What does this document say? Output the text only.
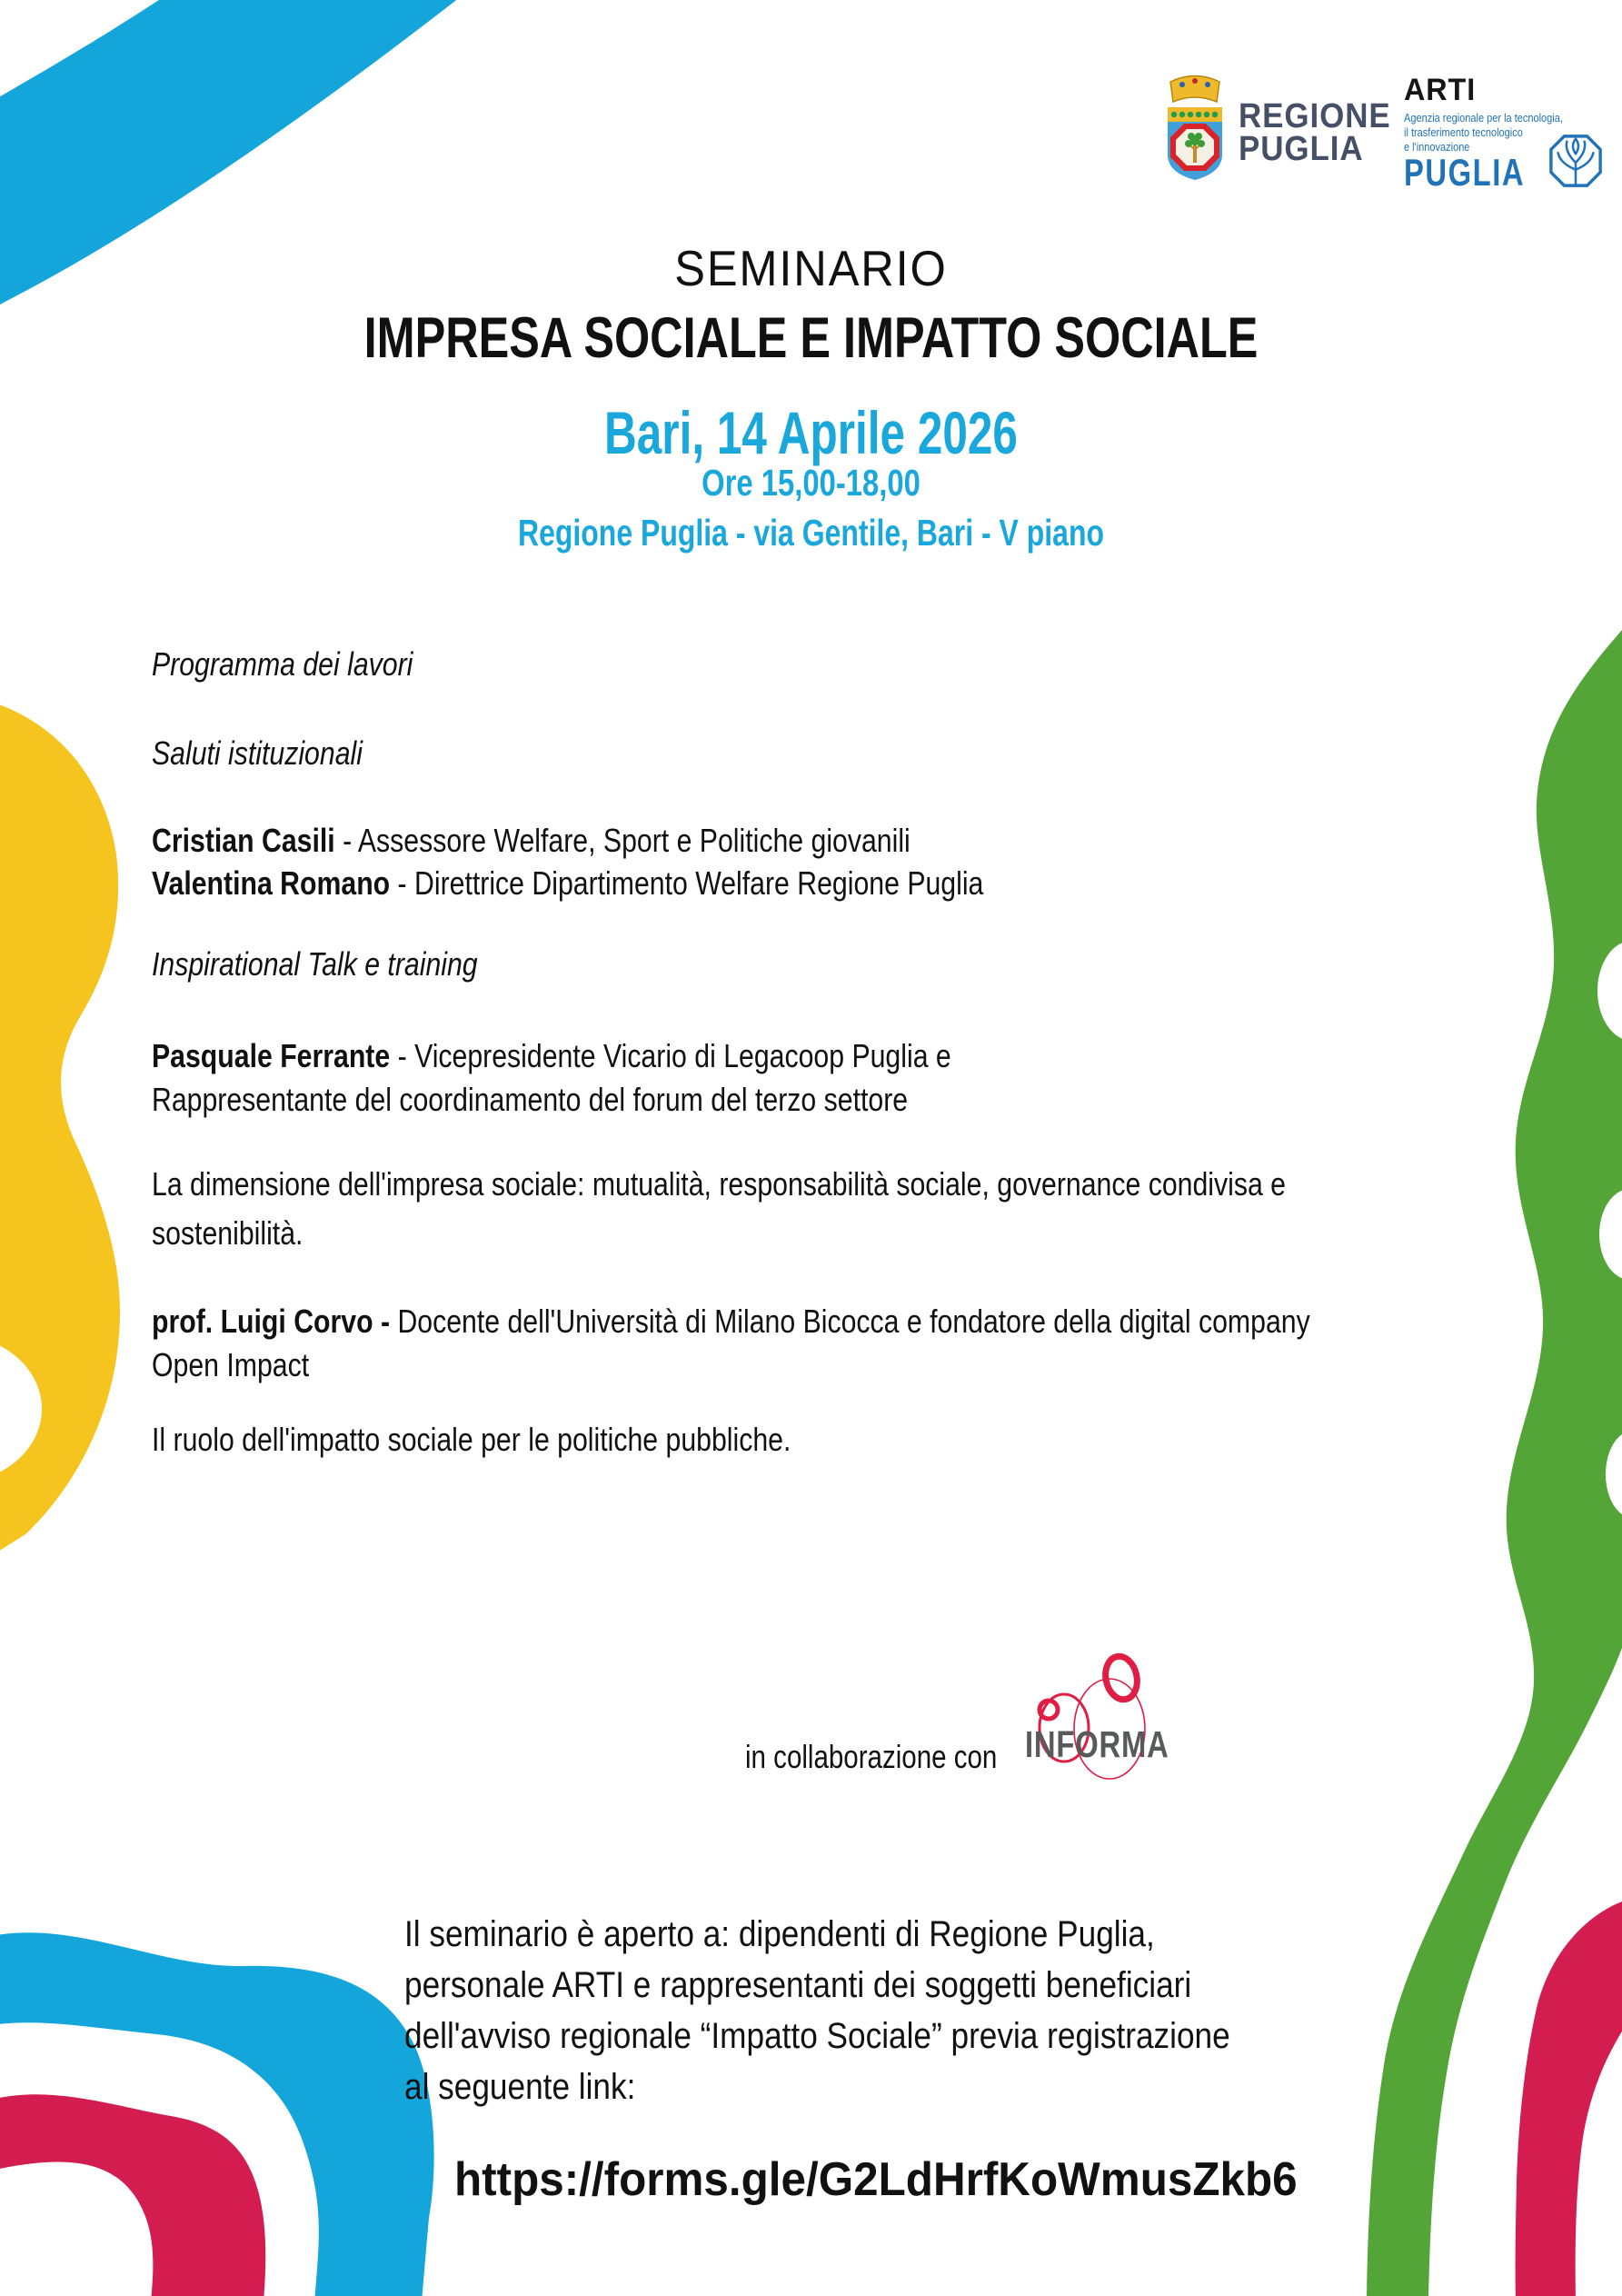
REGIONE
PUGLIA
ARTI
Agenzia regionale per la tecnologia,
il trasferimento tecnologico
e l'innovazione
PUGLIA
SEMINARIO
IMPRESA SOCIALE E IMPATTO SOCIALE
Bari, 14 Aprile 2026
Ore 15,00-18,00
Regione Puglia - via Gentile, Bari - V piano
Programma dei lavori
Saluti istituzionali
Cristian Casili - Assessore Welfare, Sport e Politiche giovanili
Valentina Romano - Direttrice Dipartimento Welfare Regione Puglia
Inspirational Talk e training
Pasquale Ferrante - Vicepresidente Vicario di Legacoop Puglia e
Rappresentante del coordinamento del forum del terzo settore
La dimensione dell'impresa sociale: mutualità, responsabilità sociale, governance condivisa e
sostenibilità.
prof. Luigi Corvo - Docente dell'Università di Milano Bicocca e fondatore della digital company
Open Impact
Il ruolo dell'impatto sociale per le politiche pubbliche.
in collaborazione con INFORMA
Il seminario è aperto a: dipendenti di Regione Puglia,
personale ARTI e rappresentanti dei soggetti beneficiari
dell'avviso regionale “Impatto Sociale” previa registrazione
al seguente link:
https://forms.gle/G2LdHrfKoWmusZkb6
